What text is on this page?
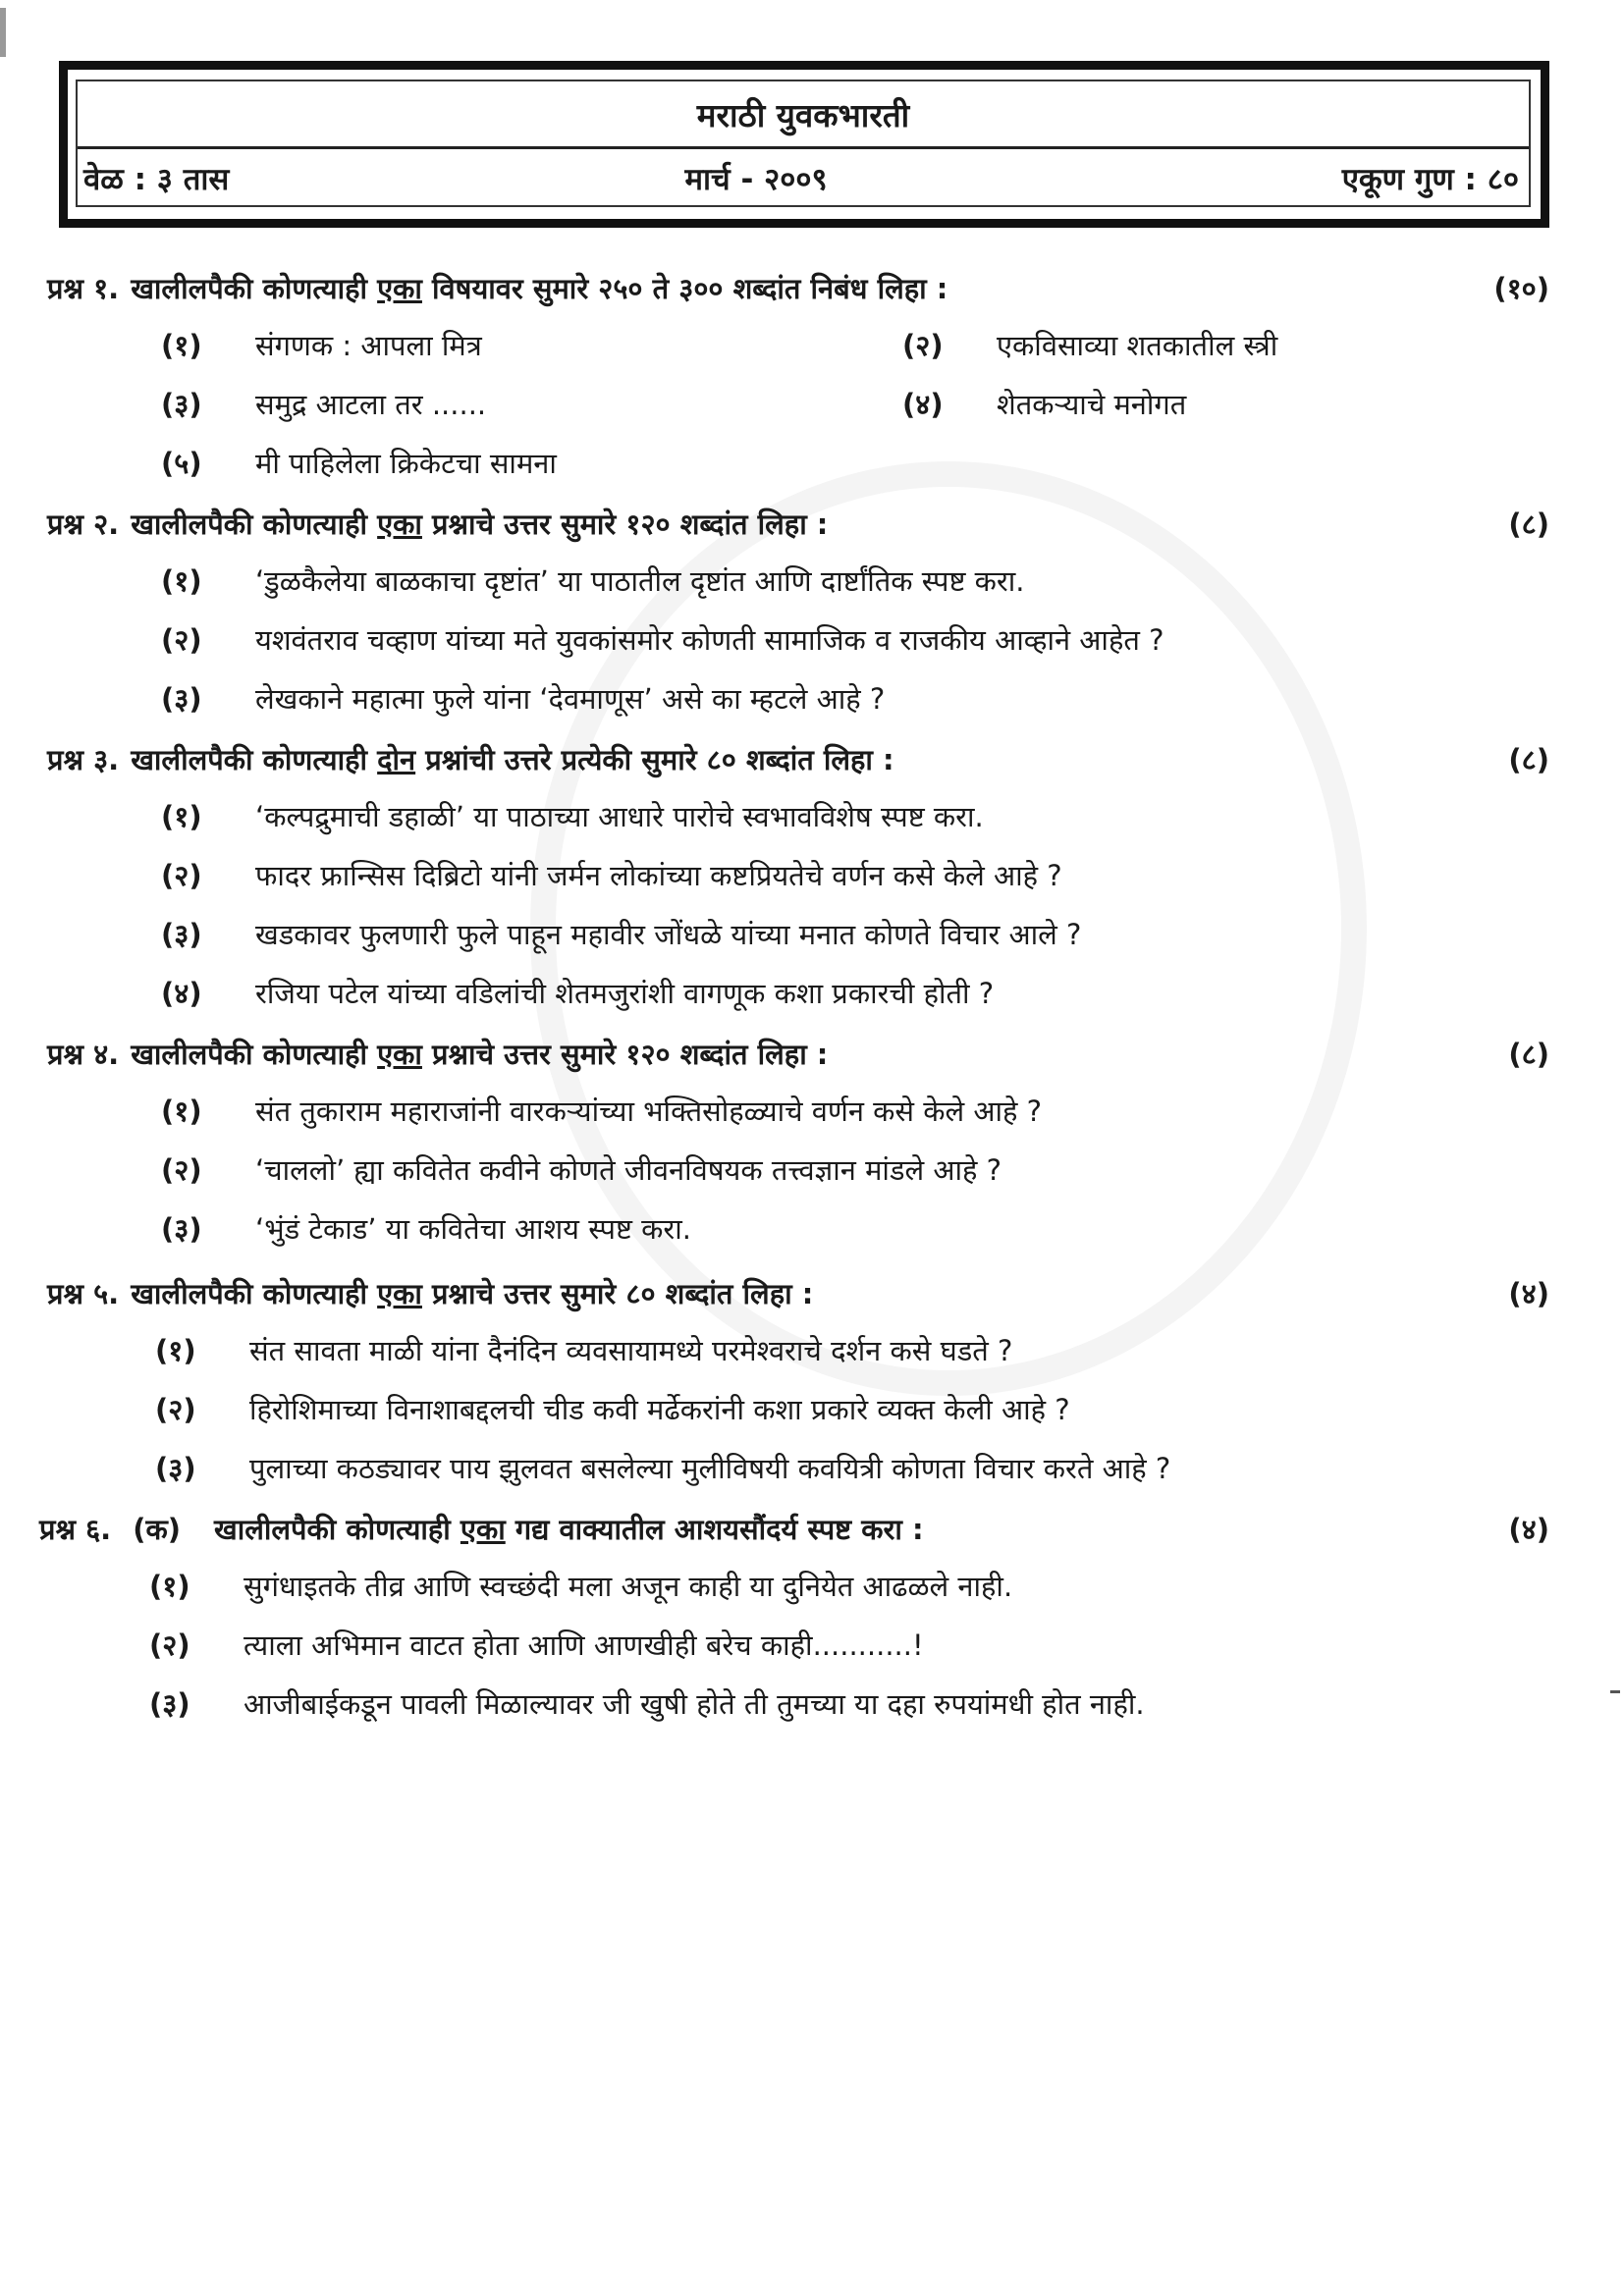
मराठी युवकभारती
वेळ : ३ तास	मार्च - २००९	एकूण गुण : ८०
प्रश्न १. खालीलपैकी कोणत्याही एका विषयावर सुमारे २५० ते ३०० शब्दांत निबंध लिहा :	(१०)
(१)	संगणक : आपला मित्र	(२)	एकविसाव्या शतकातील स्त्री
(३)	समुद्र आटला तर ......	(४)	शेतकऱ्याचे मनोगत
(५)	मी पाहिलेला क्रिकेटचा सामना
प्रश्न २. खालीलपैकी कोणत्याही एका प्रश्नाचे उत्तर सुमारे १२० शब्दांत लिहा :	(८)
(१)	‘डुळकैलेया बाळकाचा दृष्टांत’ या पाठातील दृष्टांत आणि दार्ष्टांतिक स्पष्ट करा.
(२)	यशवंतराव चव्हाण यांच्या मते युवकांसमोर कोणती सामाजिक व राजकीय आव्हाने आहेत ?
(३)	लेखकाने महात्मा फुले यांना ‘देवमाणूस’ असे का म्हटले आहे ?
प्रश्न ३. खालीलपैकी कोणत्याही दोन प्रश्नांची उत्तरे प्रत्येकी सुमारे ८० शब्दांत लिहा :	(८)
(१)	‘कल्पद्रुमाची डहाळी’ या पाठाच्या आधारे पारोचे स्वभावविशेष स्पष्ट करा.
(२)	फादर फ्रान्सिस दिब्रिटो यांनी जर्मन लोकांच्या कष्टप्रियतेचे वर्णन कसे केले आहे ?
(३)	खडकावर फुलणारी फुले पाहून महावीर जोंधळे यांच्या मनात कोणते विचार आले ?
(४)	रजिया पटेल यांच्या वडिलांची शेतमजुरांशी वागणूक कशा प्रकारची होती ?
प्रश्न ४. खालीलपैकी कोणत्याही एका प्रश्नाचे उत्तर सुमारे १२० शब्दांत लिहा :	(८)
(१)	संत तुकाराम महाराजांनी वारकऱ्यांच्या भक्तिसोहळ्याचे वर्णन कसे केले आहे ?
(२)	‘चाललो’ ह्या कवितेत कवीने कोणते जीवनविषयक तत्त्वज्ञान मांडले आहे ?
(३)	‘भुंडं टेकाड’ या कवितेचा आशय स्पष्ट करा.
प्रश्न ५. खालीलपैकी कोणत्याही एका प्रश्नाचे उत्तर सुमारे ८० शब्दांत लिहा :	(४)
(१)	संत सावता माळी यांना दैनंदिन व्यवसायामध्ये परमेश्वराचे दर्शन कसे घडते ?
(२)	हिरोशिमाच्या विनाशाबद्दलची चीड कवी मर्ढेकरांनी कशा प्रकारे व्यक्त केली आहे ?
(३)	पुलाच्या कठड्यावर पाय झुलवत बसलेल्या मुलीविषयी कवयित्री कोणता विचार करते आहे ?
प्रश्न ६. (क) खालीलपैकी कोणत्याही एका गद्य वाक्यातील आशयसौंदर्य स्पष्ट करा :	(४)
(१)	सुगंधाइतके तीव्र आणि स्वच्छंदी मला अजून काही या दुनियेत आढळले नाही.
(२)	त्याला अभिमान वाटत होता आणि आणखीही बरेच काही...........!
(३)	आजीबाईकडून पावली मिळाल्यावर जी खुषी होते ती तुमच्या या दहा रुपयांमधी होत नाही.
